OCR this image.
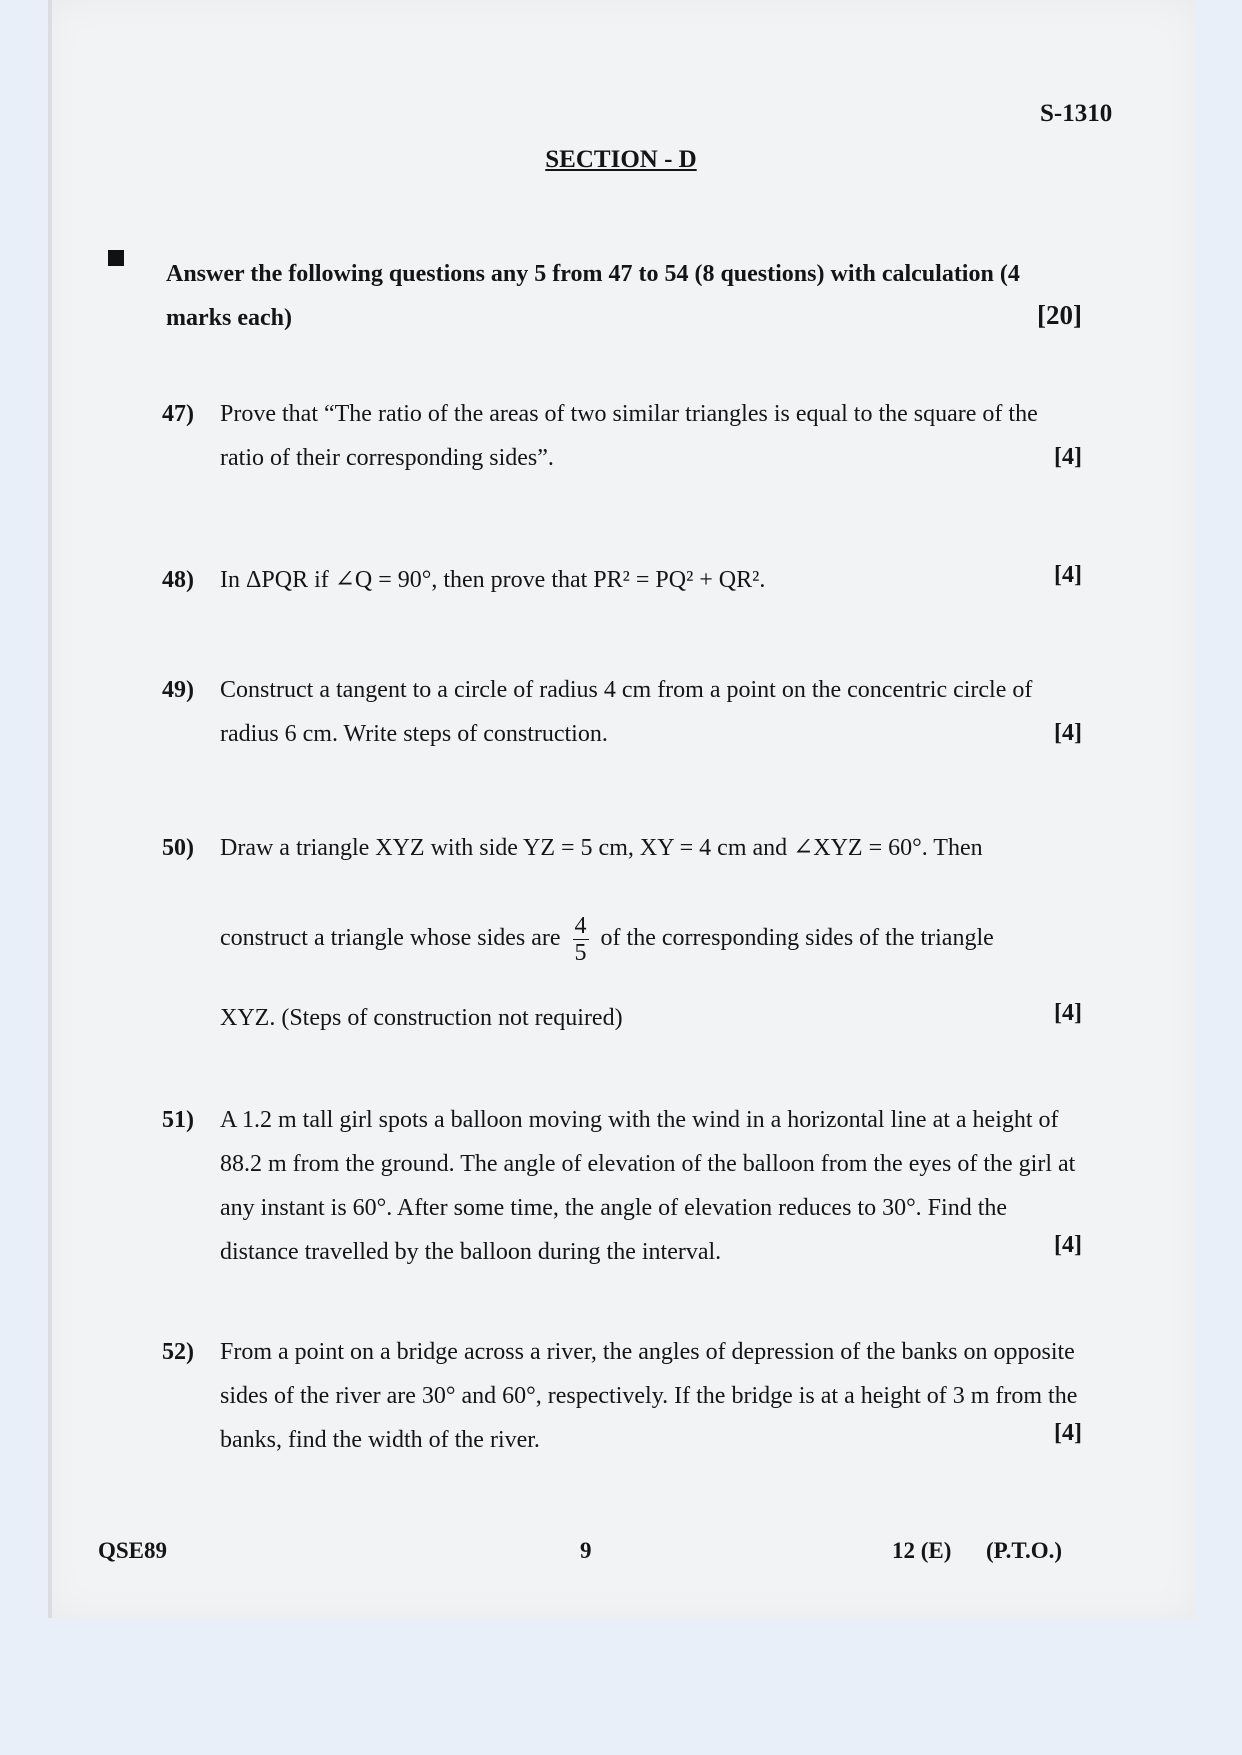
S-1310
SECTION - D
Answer the following questions any 5 from 47 to 54 (8 questions) with calculation (4 marks each)	[20]
47) Prove that “The ratio of the areas of two similar triangles is equal to the square of the ratio of their corresponding sides”.	[4]
48) In ΔPQR if ∠Q = 90°, then prove that PR² = PQ² + QR².	[4]
49) Construct a tangent to a circle of radius 4 cm from a point on the concentric circle of radius 6 cm. Write steps of construction.	[4]
50) Draw a triangle XYZ with side YZ = 5 cm, XY = 4 cm and ∠XYZ = 60°. Then
construct a triangle whose sides are $\frac{4}{5}$ of the corresponding sides of the triangle
XYZ. (Steps of construction not required)	[4]
51) A 1.2 m tall girl spots a balloon moving with the wind in a horizontal line at a height of 88.2 m from the ground. The angle of elevation of the balloon from the eyes of the girl at any instant is 60°. After some time, the angle of elevation reduces to 30°. Find the distance travelled by the balloon during the interval.	[4]
52) From a point on a bridge across a river, the angles of depression of the banks on opposite sides of the river are 30° and 60°, respectively. If the bridge is at a height of 3 m from the banks, find the width of the river.	[4]
QSE89	9	12 (E) (P.T.O.)
